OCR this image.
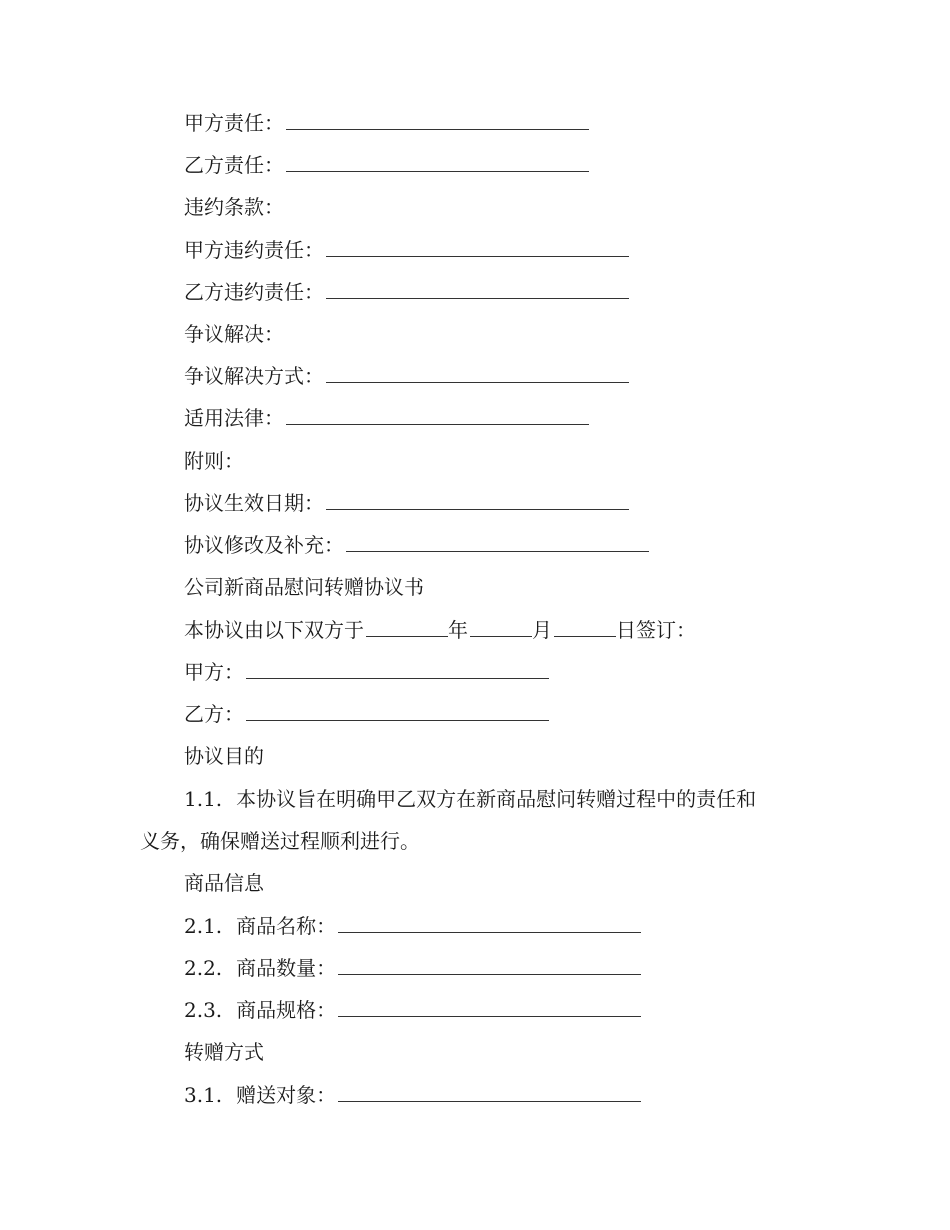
甲方责任：
乙方责任：
违约条款：
甲方违约责任：
乙方违约责任：
争议解决：
争议解决方式：
适用法律：
附则：
协议生效日期：
协议修改及补充：
公司新商品慰问转赠协议书
本协议由以下双方于	年	月	日签订：
甲方：
乙方：
协议目的
1.1. 本协议旨在明确甲乙双方在新商品慰问转赠过程中的责任和
义务，确保赠送过程顺利进行。
商品信息
2.1. 商品名称：
2.2. 商品数量：
2.3. 商品规格：
转赠方式
3.1. 赠送对象：
